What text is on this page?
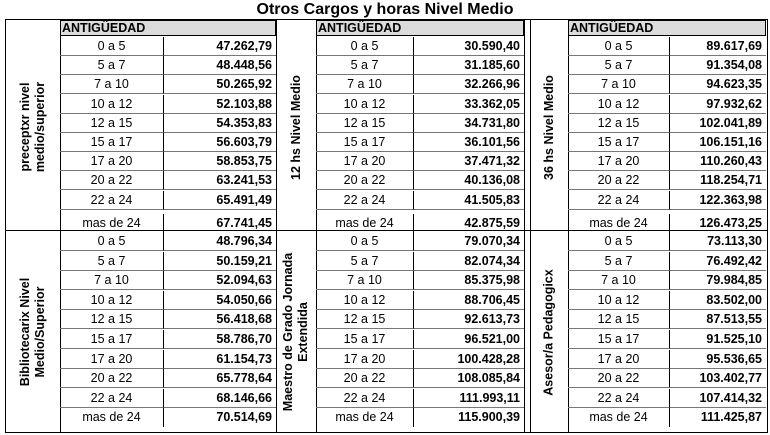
Otros Cargos y horas Nivel Medio
ANTIGÜEDAD	ANTIGÜEDAD	ANTIGÜEDAD
preceptxr nivel medio/superior
0 a 5	47.262,79
5 a 7	48.448,56
7 a 10	50.265,92
10 a 12	52.103,88
12 a 15	54.353,83
15 a 17	56.603,79
17 a 20	58.853,75
20 a 22	63.241,53
22 a 24	65.491,49
mas de 24	67.741,45
12 hs Nivel Medio
0 a 5	30.590,40
5 a 7	31.185,60
7 a 10	32.266,96
10 a 12	33.362,05
12 a 15	34.731,80
15 a 17	36.101,56
17 a 20	37.471,32
20 a 22	40.136,08
22 a 24	41.505,83
mas de 24	42.875,59
36 hs Nivel Medio
0 a 5	89.617,69
5 a 7	91.354,08
7 a 10	94.623,35
10 a 12	97.932,62
12 a 15	102.041,89
15 a 17	106.151,16
17 a 20	110.260,43
20 a 22	118.254,71
22 a 24	122.363,98
mas de 24	126.473,25
Bibliotecarix Nivel Medio/Superior
0 a 5	48.796,34
5 a 7	50.159,21
7 a 10	52.094,63
10 a 12	54.050,66
12 a 15	56.418,68
15 a 17	58.786,70
17 a 20	61.154,73
20 a 22	65.778,64
22 a 24	68.146,66
mas de 24	70.514,69
Maestro de Grado Jornada Extendida
0 a 5	79.070,34
5 a 7	82.074,34
7 a 10	85.375,98
10 a 12	88.706,45
12 a 15	92.613,73
15 a 17	96.521,00
17 a 20	100.428,28
20 a 22	108.085,84
22 a 24	111.993,11
mas de 24	115.900,39
Asesor/a Pedagogicx
0 a 5	73.113,30
5 a 7	76.492,42
7 a 10	79.984,85
10 a 12	83.502,00
12 a 15	87.513,55
15 a 17	91.525,10
17 a 20	95.536,65
20 a 22	103.402,77
22 a 24	107.414,32
mas de 24	111.425,87
